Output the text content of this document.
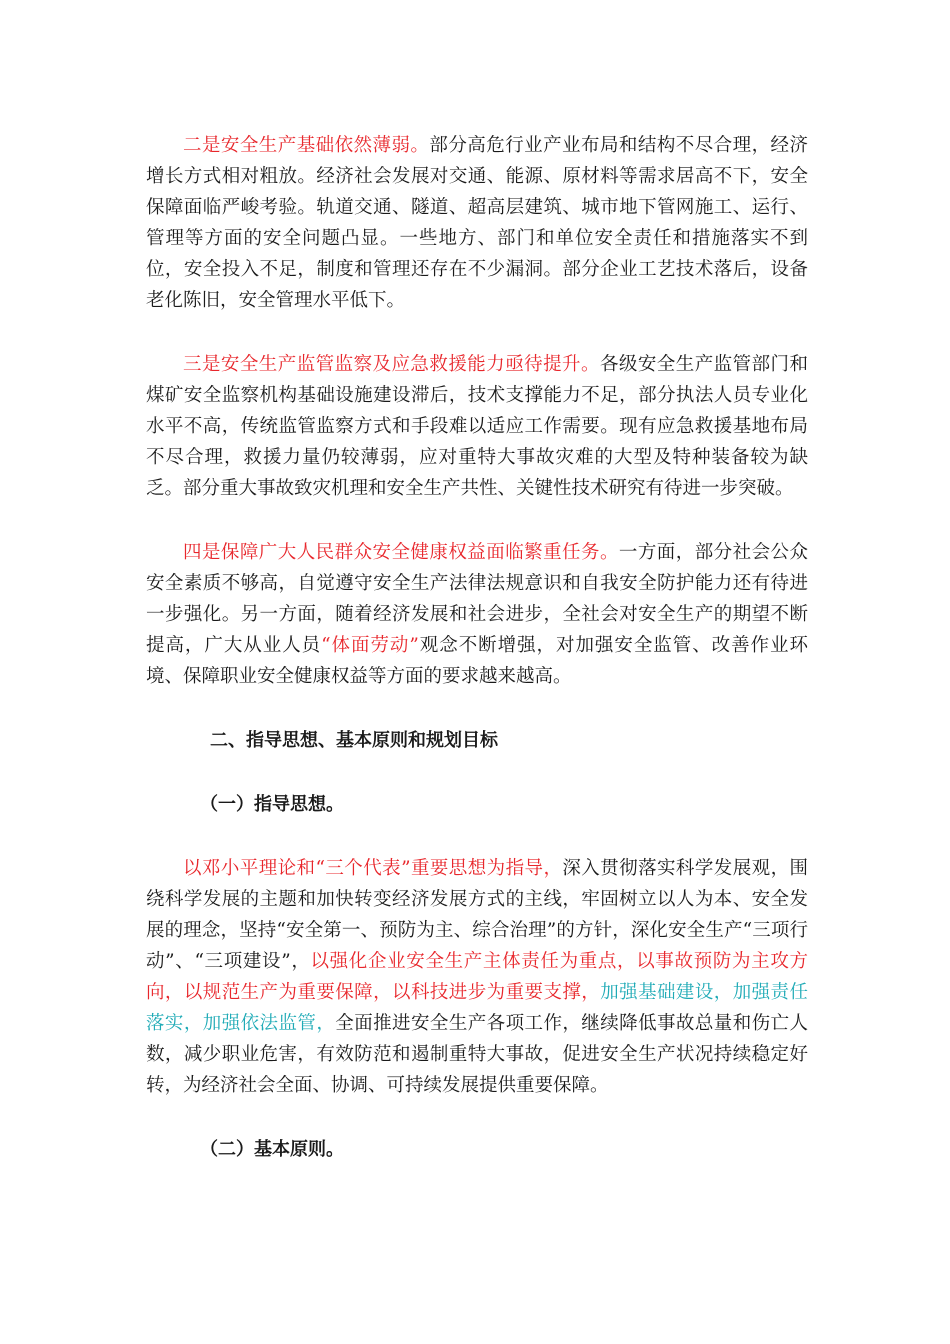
二是安全生产基础依然薄弱。部分高危行业产业布局和结构不尽合理，经济增长方式相对粗放。经济社会发展对交通、能源、原材料等需求居高不下，安全保障面临严峻考验。轨道交通、隧道、超高层建筑、城市地下管网施工、运行、管理等方面的安全问题凸显。一些地方、部门和单位安全责任和措施落实不到位，安全投入不足，制度和管理还存在不少漏洞。部分企业工艺技术落后，设备老化陈旧，安全管理水平低下。

三是安全生产监管监察及应急救援能力亟待提升。各级安全生产监管部门和煤矿安全监察机构基础设施建设滞后，技术支撑能力不足，部分执法人员专业化水平不高，传统监管监察方式和手段难以适应工作需要。现有应急救援基地布局不尽合理，救援力量仍较薄弱，应对重特大事故灾难的大型及特种装备较为缺乏。部分重大事故致灾机理和安全生产共性、关键性技术研究有待进一步突破。

四是保障广大人民群众安全健康权益面临繁重任务。一方面，部分社会公众安全素质不够高，自觉遵守安全生产法律法规意识和自我安全防护能力还有待进一步强化。另一方面，随着经济发展和社会进步，全社会对安全生产的期望不断提高，广大从业人员“体面劳动”观念不断增强，对加强安全监管、改善作业环境、保障职业安全健康权益等方面的要求越来越高。

二、指导思想、基本原则和规划目标
（一）指导思想。

以邓小平理论和“三个代表”重要思想为指导，深入贯彻落实科学发展观，围绕科学发展的主题和加快转变经济发展方式的主线，牢固树立以人为本、安全发展的理念，坚持“安全第一、预防为主、综合治理”的方针，深化安全生产“三项行动”、“三项建设”，以强化企业安全生产主体责任为重点，以事故预防为主攻方向，以规范生产为重要保障，以科技进步为重要支撑，加强基础建设，加强责任落实，加强依法监管，全面推进安全生产各项工作，继续降低事故总量和伤亡人数，减少职业危害，有效防范和遏制重特大事故，促进安全生产状况持续稳定好转，为经济社会全面、协调、可持续发展提供重要保障。

（二）基本原则。
